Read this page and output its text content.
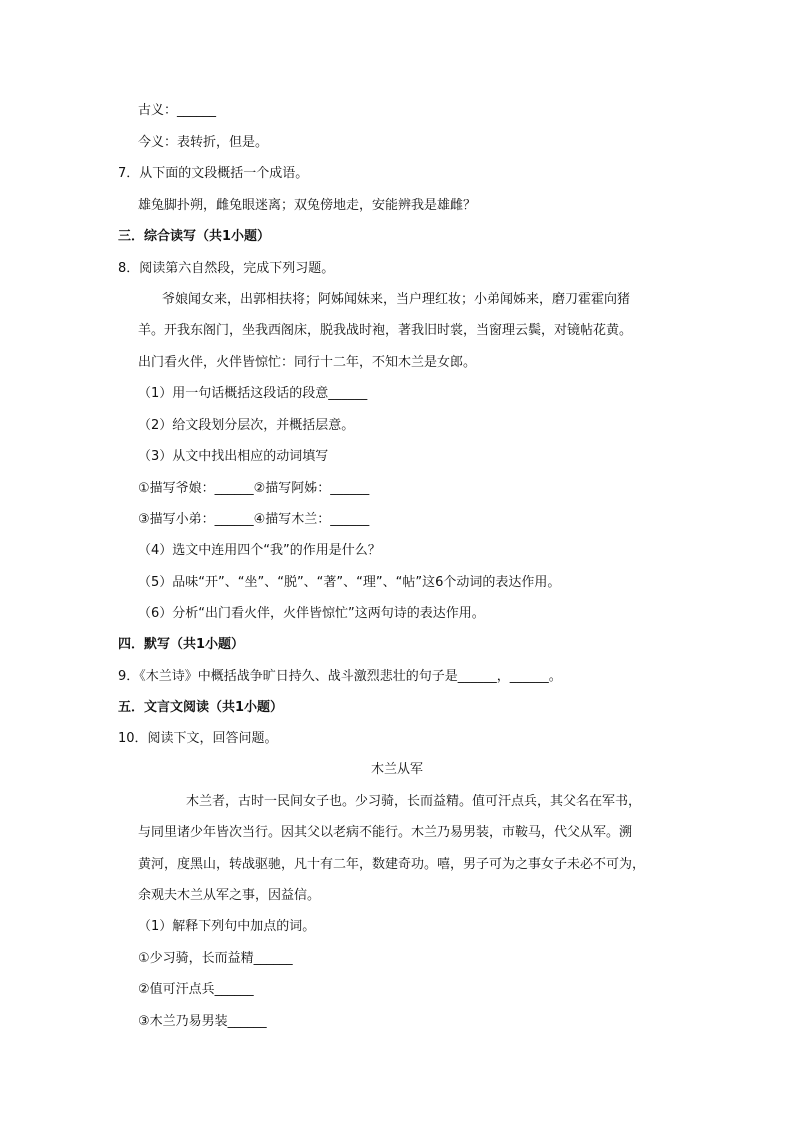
古义：______
今义：表转折，但是。
7．从下面的文段概括一个成语。
雄兔脚扑朔，雌兔眼迷离；双兔傍地走，安能辨我是雄雌？
三．综合读写（共1小题）
8．阅读第六自然段，完成下列习题。
爷娘闻女来，出郭相扶将；阿姊闻妹来，当户理红妆；小弟闻姊来，磨刀霍霍向猪
羊。开我东阁门，坐我西阁床，脱我战时袍，著我旧时裳，当窗理云鬓，对镜帖花黄。
出门看火伴，火伴皆惊忙：同行十二年，不知木兰是女郎。
（1）用一句话概括这段话的段意______
（2）给文段划分层次，并概括层意。
（3）从文中找出相应的动词填写
①描写爷娘：______②描写阿姊：______
③描写小弟：______④描写木兰：______
（4）选文中连用四个“我”的作用是什么？
（5）品味“开”、“坐”、“脱”、“著”、“理”、“帖”这6个动词的表达作用。
（6）分析“出门看火伴，火伴皆惊忙”这两句诗的表达作用。
四．默写（共1小题）
9．《木兰诗》中概括战争旷日持久、战斗激烈悲壮的句子是______，______。
五．文言文阅读（共1小题）
10．阅读下文，回答问题。
木兰从军
木兰者，古时一民间女子也。少习骑，长而益精。值可汗点兵，其父名在军书，
与同里诸少年皆次当行。因其父以老病不能行。木兰乃易男装，市鞍马，代父从军。溯
黄河，度黑山，转战驱驰，凡十有二年，数建奇功。嘻，男子可为之事女子未必不可为，
余观夫木兰从军之事，因益信。
（1）解释下列句中加点的词。
①少习骑，长而益精______
②值可汗点兵______
③木兰乃易男装______
